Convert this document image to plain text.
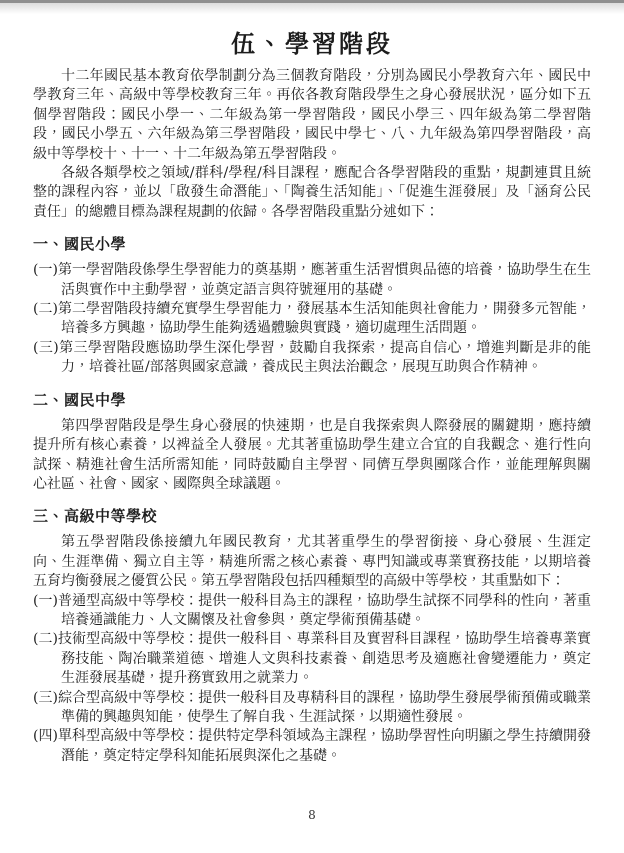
伍、學習階段

十二年國民基本教育依學制劃分為三個教育階段，分別為國民小學教育六年、國民中學教育三年、高級中等學校教育三年。再依各教育階段學生之身心發展狀況，區分如下五個學習階段：國民小學一、二年級為第一學習階段，國民小學三、四年級為第二學習階段，國民小學五、六年級為第三學習階段，國民中學七、八、九年級為第四學習階段，高級中等學校十、十一、十二年級為第五學習階段。

各級各類學校之領域/群科/學程/科目課程，應配合各學習階段的重點，規劃連貫且統整的課程內容，並以「啟發生命潛能」、「陶養生活知能」、「促進生涯發展」及「涵育公民責任」的總體目標為課程規劃的依歸。各學習階段重點分述如下：

一、國民小學

(一)第一學習階段係學生學習能力的奠基期，應著重生活習慣與品德的培養，協助學生在生活與實作中主動學習，並奠定語言與符號運用的基礎。

(二)第二學習階段持續充實學生學習能力，發展基本生活知能與社會能力，開發多元智能，培養多方興趣，協助學生能夠透過體驗與實踐，適切處理生活問題。

(三)第三學習階段應協助學生深化學習，鼓勵自我探索，提高自信心，增進判斷是非的能力，培養社區/部落與國家意識，養成民主與法治觀念，展現互助與合作精神。

二、國民中學

第四學習階段是學生身心發展的快速期，也是自我探索與人際發展的關鍵期，應持續提升所有核心素養，以裨益全人發展。尤其著重協助學生建立合宜的自我觀念、進行性向試探、精進社會生活所需知能，同時鼓勵自主學習、同儕互學與團隊合作，並能理解與關心社區、社會、國家、國際與全球議題。

三、高級中等學校

第五學習階段係接續九年國民教育，尤其著重學生的學習銜接、身心發展、生涯定向、生涯準備、獨立自主等，精進所需之核心素養、專門知識或專業實務技能，以期培養五育均衡發展之優質公民。第五學習階段包括四種類型的高級中等學校，其重點如下：

(一)普通型高級中等學校：提供一般科目為主的課程，協助學生試探不同學科的性向，著重培養通識能力、人文關懷及社會參與，奠定學術預備基礎。

(二)技術型高級中等學校：提供一般科目、專業科目及實習科目課程，協助學生培養專業實務技能、陶冶職業道德、增進人文與科技素養、創造思考及適應社會變遷能力，奠定生涯發展基礎，提升務實致用之就業力。

(三)綜合型高級中等學校：提供一般科目及專精科目的課程，協助學生發展學術預備或職業準備的興趣與知能，使學生了解自我、生涯試探，以期適性發展。

(四)單科型高級中等學校：提供特定學科領域為主課程，協助學習性向明顯之學生持續開發潛能，奠定特定學科知能拓展與深化之基礎。

8
